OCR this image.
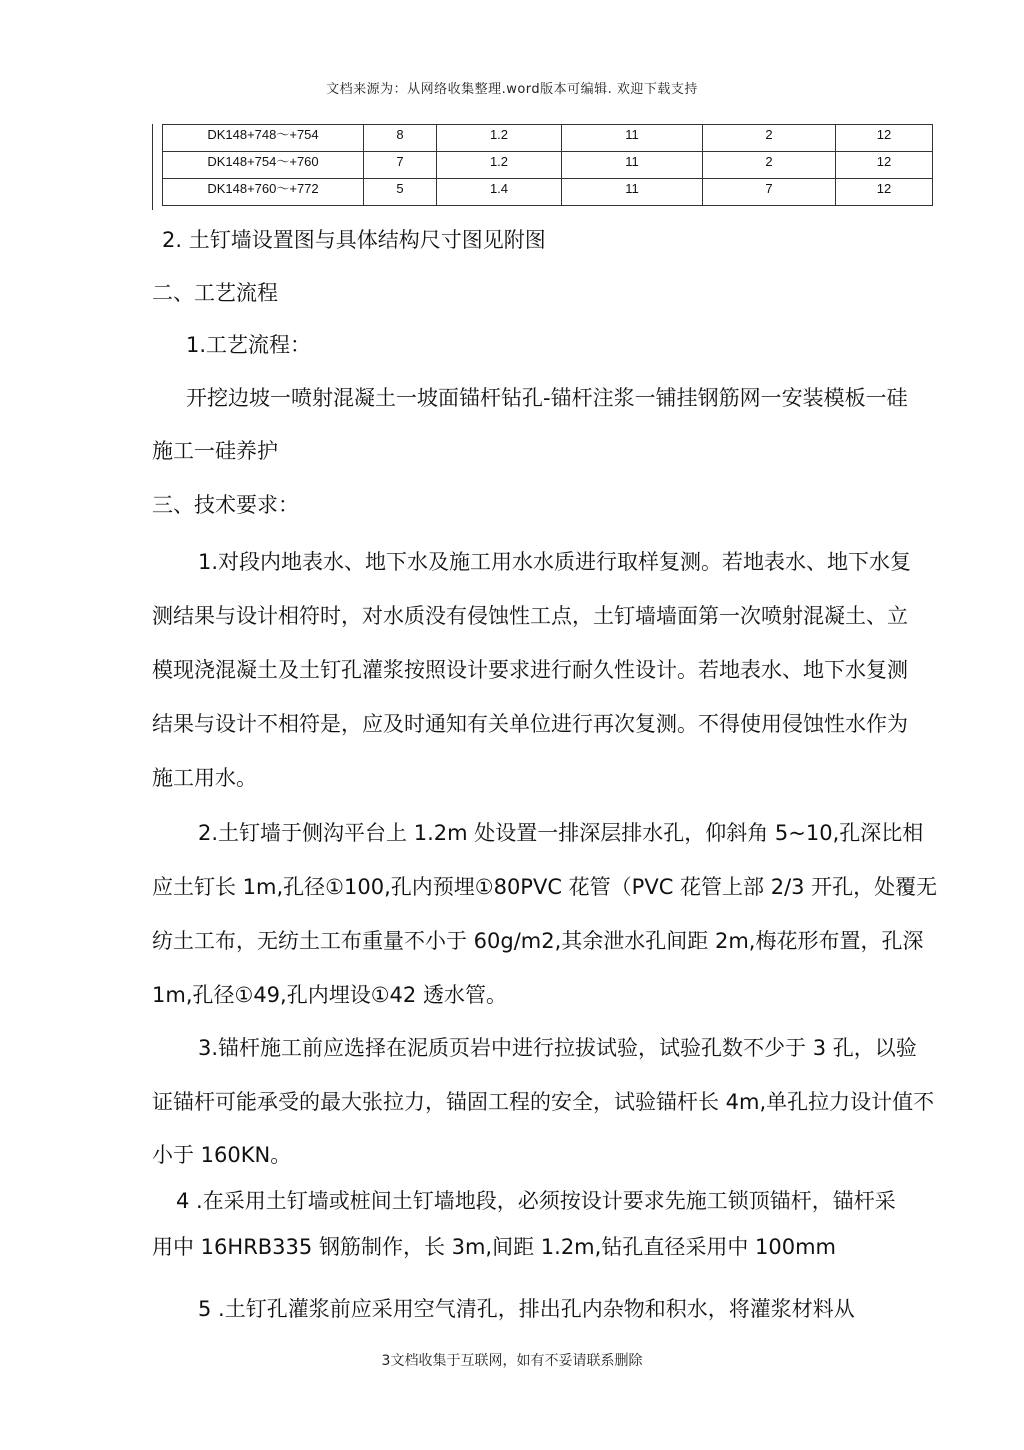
文档来源为：从网络收集整理.word版本可编辑. 欢迎下载支持
DK148+748～+754	8	1.2	11	2	12
DK148+754～+760	7	1.2	11	2	12
DK148+760～+772	5	1.4	11	7	12
2. 土钉墙设置图与具体结构尺寸图见附图
二、工艺流程
1.工艺流程：
开挖边坡一喷射混凝土一坡面锚杆钻孔-锚杆注浆一铺挂钢筋网一安装模板一硅
施工一硅养护
三、技术要求：
1.对段内地表水、地下水及施工用水水质进行取样复测。若地表水、地下水复
测结果与设计相符时，对水质没有侵蚀性工点，土钉墙墙面第一次喷射混凝土、立
模现浇混凝土及土钉孔灌浆按照设计要求进行耐久性设计。若地表水、地下水复测
结果与设计不相符是，应及时通知有关单位进行再次复测。不得使用侵蚀性水作为
施工用水。
2.土钉墙于侧沟平台上 1.2m 处设置一排深层排水孔，仰斜角 5~10,孔深比相
应土钉长 1m,孔径①100,孔内预埋①80PVC 花管（PVC 花管上部 2/3 开孔，处覆无
纺土工布，无纺土工布重量不小于 60g/m2,其余泄水孔间距 2m,梅花形布置，孔深
1m,孔径①49,孔内埋设①42 透水管。
3.锚杆施工前应选择在泥质页岩中进行拉拔试验，试验孔数不少于 3 孔，以验
证锚杆可能承受的最大张拉力，锚固工程的安全，试验锚杆长 4m,单孔拉力设计值不
小于 160KN。
4 .在采用土钉墙或桩间土钉墙地段，必须按设计要求先施工锁顶锚杆，锚杆采
用中 16HRB335 钢筋制作，长 3m,间距 1.2m,钻孔直径采用中 100mm
5 .土钉孔灌浆前应采用空气清孔，排出孔内杂物和积水，将灌浆材料从
3文档收集于互联网，如有不妥请联系删除
